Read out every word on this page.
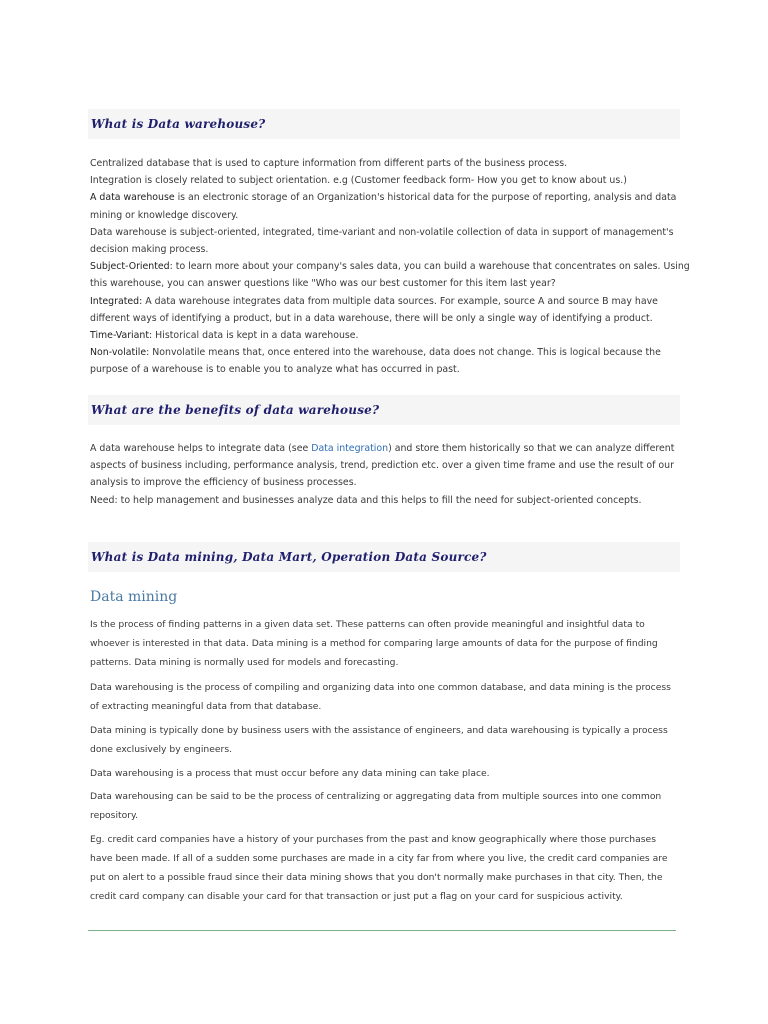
What is Data warehouse?
Centralized database that is used to capture information from different parts of the business process.
Integration is closely related to subject orientation. e.g (Customer feedback form- How you get to know about us.)
A data warehouse is an electronic storage of an Organization's historical data for the purpose of reporting, analysis and data
mining or knowledge discovery.
Data warehouse is subject-oriented, integrated, time-variant and non-volatile collection of data in support of management's
decision making process.
Subject-Oriented: to learn more about your company's sales data, you can build a warehouse that concentrates on sales. Using
this warehouse, you can answer questions like "Who was our best customer for this item last year?
Integrated: A data warehouse integrates data from multiple data sources. For example, source A and source B may have
different ways of identifying a product, but in a data warehouse, there will be only a single way of identifying a product.
Time-Variant: Historical data is kept in a data warehouse.
Non-volatile: Nonvolatile means that, once entered into the warehouse, data does not change. This is logical because the
purpose of a warehouse is to enable you to analyze what has occurred in past.
What are the benefits of data warehouse?
A data warehouse helps to integrate data (see Data integration) and store them historically so that we can analyze different
aspects of business including, performance analysis, trend, prediction etc. over a given time frame and use the result of our
analysis to improve the efficiency of business processes.
Need: to help management and businesses analyze data and this helps to fill the need for subject-oriented concepts.
What is Data mining, Data Mart, Operation Data Source?
Data mining
Is the process of finding patterns in a given data set. These patterns can often provide meaningful and insightful data to
whoever is interested in that data. Data mining is a method for comparing large amounts of data for the purpose of finding
patterns. Data mining is normally used for models and forecasting.
Data warehousing is the process of compiling and organizing data into one common database, and data mining is the process
of extracting meaningful data from that database.
Data mining is typically done by business users with the assistance of engineers, and data warehousing is typically a process
done exclusively by engineers.
Data warehousing is a process that must occur before any data mining can take place.
Data warehousing can be said to be the process of centralizing or aggregating data from multiple sources into one common
repository.
Eg. credit card companies have a history of your purchases from the past and know geographically where those purchases
have been made. If all of a sudden some purchases are made in a city far from where you live, the credit card companies are
put on alert to a possible fraud since their data mining shows that you don't normally make purchases in that city. Then, the
credit card company can disable your card for that transaction or just put a flag on your card for suspicious activity.
